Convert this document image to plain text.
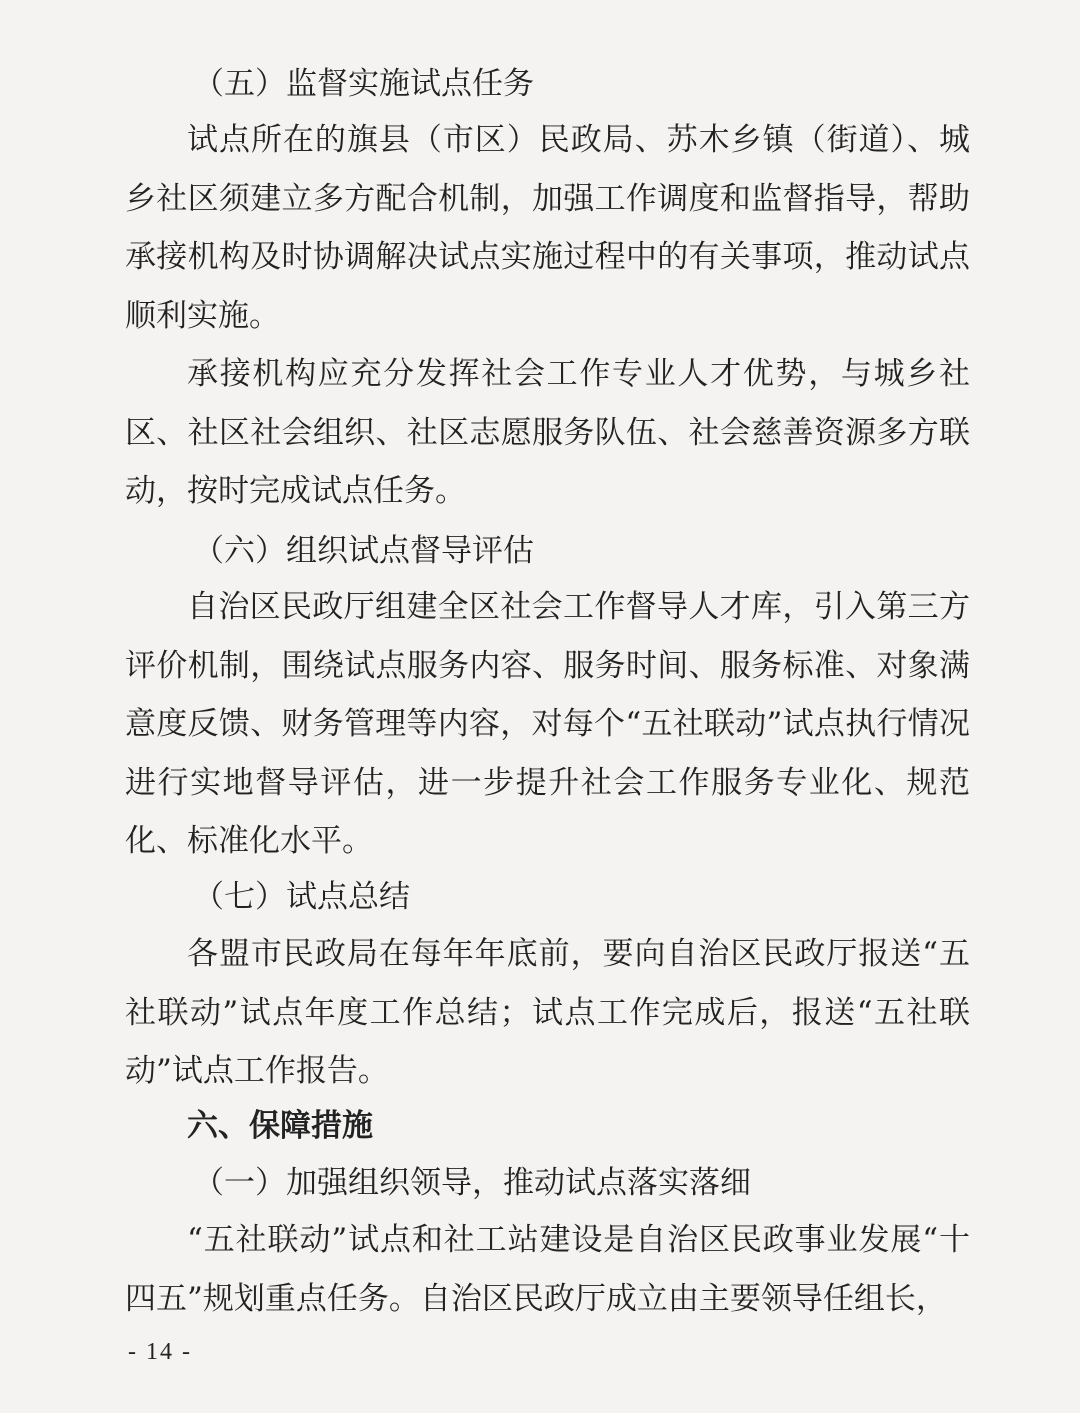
（五）监督实施试点任务

试点所在的旗县（市区）民政局、苏木乡镇（街道）、城乡社区须建立多方配合机制，加强工作调度和监督指导，帮助承接机构及时协调解决试点实施过程中的有关事项，推动试点顺利实施。

承接机构应充分发挥社会工作专业人才优势，与城乡社区、社区社会组织、社区志愿服务队伍、社会慈善资源多方联动，按时完成试点任务。

（六）组织试点督导评估

自治区民政厅组建全区社会工作督导人才库，引入第三方评价机制，围绕试点服务内容、服务时间、服务标准、对象满意度反馈、财务管理等内容，对每个“五社联动”试点执行情况进行实地督导评估，进一步提升社会工作服务专业化、规范化、标准化水平。

（七）试点总结

各盟市民政局在每年年底前，要向自治区民政厅报送“五社联动”试点年度工作总结；试点工作完成后，报送“五社联动”试点工作报告。

六、保障措施

（一）加强组织领导，推动试点落实落细

“五社联动”试点和社工站建设是自治区民政事业发展“十四五”规划重点任务。自治区民政厅成立由主要领导任组长，

- 14 -
